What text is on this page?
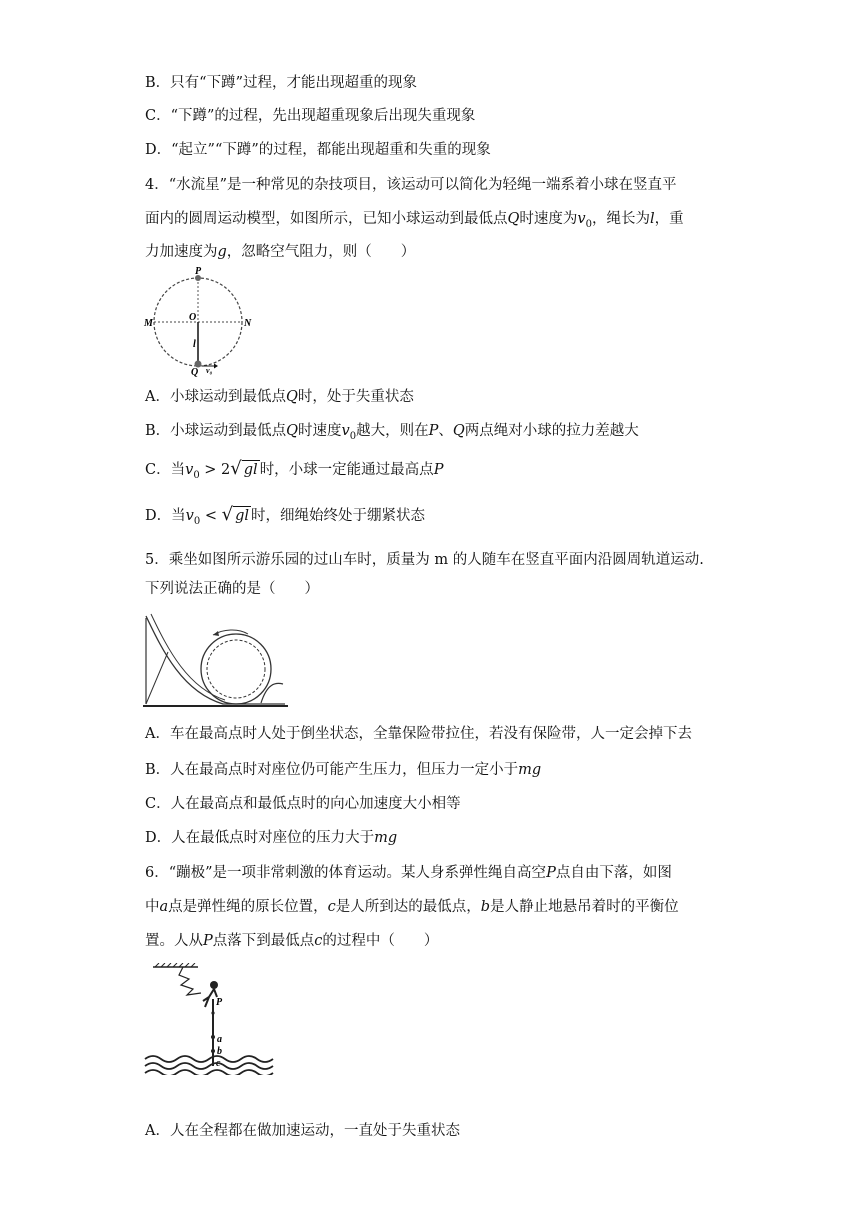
B．只有“下蹲”过程，才能出现超重的现象
C．“下蹲”的过程，先出现超重现象后出现失重现象
D．“起立”“下蹲”的过程，都能出现超重和失重的现象
4．“水流星”是一种常见的杂技项目，该运动可以简化为轻绳一端系着小球在竖直平
面内的圆周运动模型，如图所示，已知小球运动到最低点Q时速度为$v_0$，绳长为l，重
力加速度为g，忽略空气阻力，则（　　）
P
O
M	N
l
Q v₀
A．小球运动到最低点Q时，处于失重状态
B．小球运动到最低点Q时速度$v_0$越大，则在P、Q两点绳对小球的拉力差越大
C．当$v_0 > 2√$ gl 时，小球一定能通过最高点P
D．当$v_0$ < √ gl 时，细绳始终处于绷紧状态
5．乘坐如图所示游乐园的过山车时，质量为 m 的人随车在竖直平面内沿圆周轨道运动.
下列说法正确的是（　　）
A．车在最高点时人处于倒坐状态，全靠保险带拉住，若没有保险带，人一定会掉下去
B．人在最高点时对座位仍可能产生压力，但压力一定小于mg
C．人在最高点和最低点时的向心加速度大小相等
D．人在最低点时对座位的压力大于mg
6．“蹦极”是一项非常刺激的体育运动。某人身系弹性绳自高空P点自由下落，如图
中a点是弹性绳的原长位置，c是人所到达的最低点，b是人静止地悬吊着时的平衡位
置。人从P点落下到最低点c的过程中（　　）
P
a
b
c
A．人在全程都在做加速运动，一直处于失重状态
